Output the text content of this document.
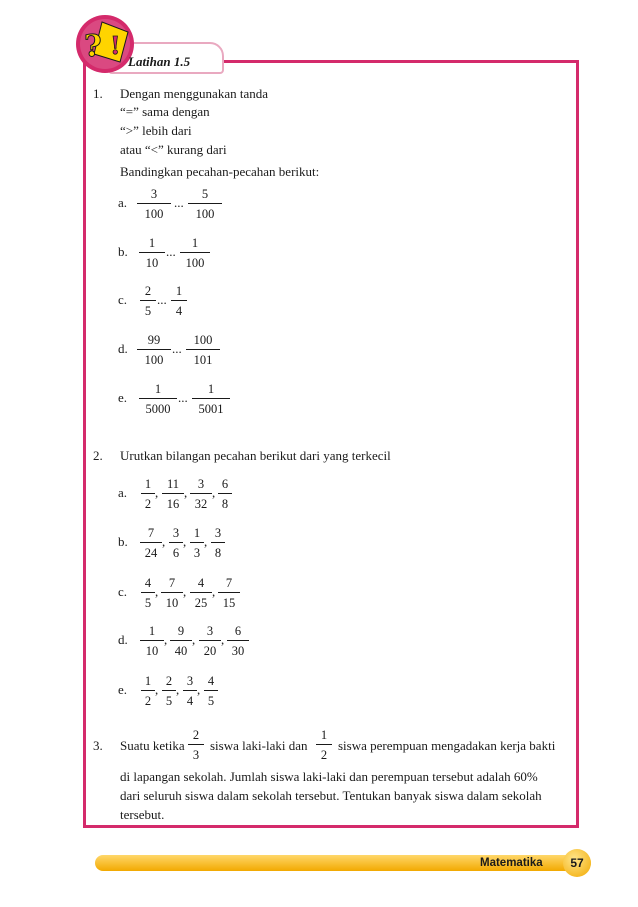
? !
Latihan 1.5
1. Dengan menggunakan tanda
“=” sama dengan
“>” lebih dari
atau “<” kurang dari
Bandingkan pecahan-pecahan berikut:
a.
3
100
...
5
100
b.
1
10
...
1
100
c.
2
5
...
1
4
d.
99
100
...
100
101
e.
1
5000
...
1
5001
2. Urutkan bilangan pecahan berikut dari yang terkecil
a.
1
2
,
11
16
,
3
32
,
6
8
b.
7
24
,
3
6
,
1
3
,
3
8
c.
4
5
,
7
10
,
4
25
,
7
15
d.
1
10
,
9
40
,
3
20
,
6
30
e.
1
2
,
2
5
,
3
4
,
4
5
3. Suatu ketika
2
3
siswa laki-laki dan
1
2
siswa perempuan mengadakan kerja bakti
di lapangan sekolah. Jumlah siswa laki-laki dan perempuan tersebut adalah 60%
dari seluruh siswa dalam sekolah tersebut. Tentukan banyak siswa dalam sekolah
tersebut.
Matematika	57
